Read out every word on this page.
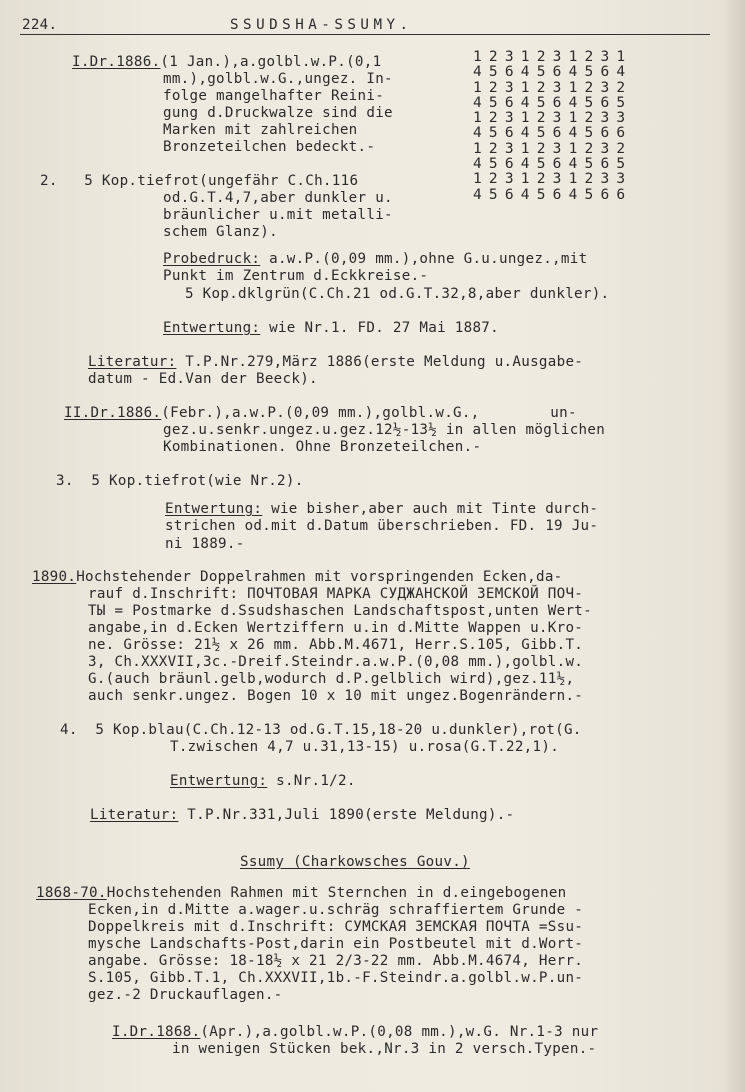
224.	SSUDSHA-SSUMY.
1231231231
4564564564
1231231232
4564564565
1231231233
4564564566
1231231232
4564564565
1231231233
4564564566
I.Dr.1886.(1 Jan.),a.golbl.w.P.(0,1
mm.),golbl.w.G.,ungez. In-
folge mangelhafter Reini-
gung d.Druckwalze sind die
Marken mit zahlreichen
Bronzeteilchen bedeckt.-
2.   5 Kop.tiefrot(ungefähr C.Ch.116
od.G.T.4,7,aber dunkler u.
bräunlicher u.mit metalli-
schem Glanz).
Probedruck: a.w.P.(0,09 mm.),ohne G.u.ungez.,mit
Punkt im Zentrum d.Eckkreise.-
5 Kop.dklgrün(C.Ch.21 od.G.T.32,8,aber dunkler).
Entwertung: wie Nr.1. FD. 27 Mai 1887.
Literatur: T.P.Nr.279,März 1886(erste Meldung u.Ausgabe-
datum - Ed.Van der Beeck).
II.Dr.1886.(Febr.),a.w.P.(0,09 mm.),golbl.w.G.,        un-
gez.u.senkr.ungez.u.gez.12½-13½ in allen möglichen
Kombinationen. Ohne Bronzeteilchen.-
3.  5 Kop.tiefrot(wie Nr.2).
Entwertung: wie bisher,aber auch mit Tinte durch-
strichen od.mit d.Datum überschrieben. FD. 19 Ju-
ni 1889.-
1890.Hochstehender Doppelrahmen mit vorspringenden Ecken,da-
rauf d.Inschrift: ПОЧТОВАЯ МАРКА СУДЖАНСКОЙ ЗЕМСКОЙ ПОЧ-
ТЫ = Postmarke d.Ssudshaschen Landschaftspost,unten Wert-
angabe,in d.Ecken Wertziffern u.in d.Mitte Wappen u.Kro-
ne. Grösse: 21½ x 26 mm. Abb.M.4671, Herr.S.105, Gibb.T.
3, Ch.XXXVII,3c.-Dreif.Steindr.a.w.P.(0,08 mm.),golbl.w.
G.(auch bräunl.gelb,wodurch d.P.gelblich wird),gez.11½,
auch senkr.ungez. Bogen 10 x 10 mit ungez.Bogenrändern.-
4.  5 Kop.blau(C.Ch.12-13 od.G.T.15,18-20 u.dunkler),rot(G.
T.zwischen 4,7 u.31,13-15) u.rosa(G.T.22,1).
Entwertung: s.Nr.1/2.
Literatur: T.P.Nr.331,Juli 1890(erste Meldung).-
Ssumy (Charkowsches Gouv.)
1868-70.Hochstehenden Rahmen mit Sternchen in d.eingebogenen
Ecken,in d.Mitte a.wager.u.schräg schraffiertem Grunde -
Doppelkreis mit d.Inschrift: СУМСКАЯ ЗЕМСКАЯ ПОЧТА =Ssu-
mysche Landschafts-Post,darin ein Postbeutel mit d.Wort-
angabe. Grösse: 18-18½ x 21 2/3-22 mm. Abb.M.4674, Herr.
S.105, Gibb.T.1, Ch.XXXVII,1b.-F.Steindr.a.golbl.w.P.un-
gez.-2 Druckauflagen.-
I.Dr.1868.(Apr.),a.golbl.w.P.(0,08 mm.),w.G. Nr.1-3 nur
in wenigen Stücken bek.,Nr.3 in 2 versch.Typen.-
